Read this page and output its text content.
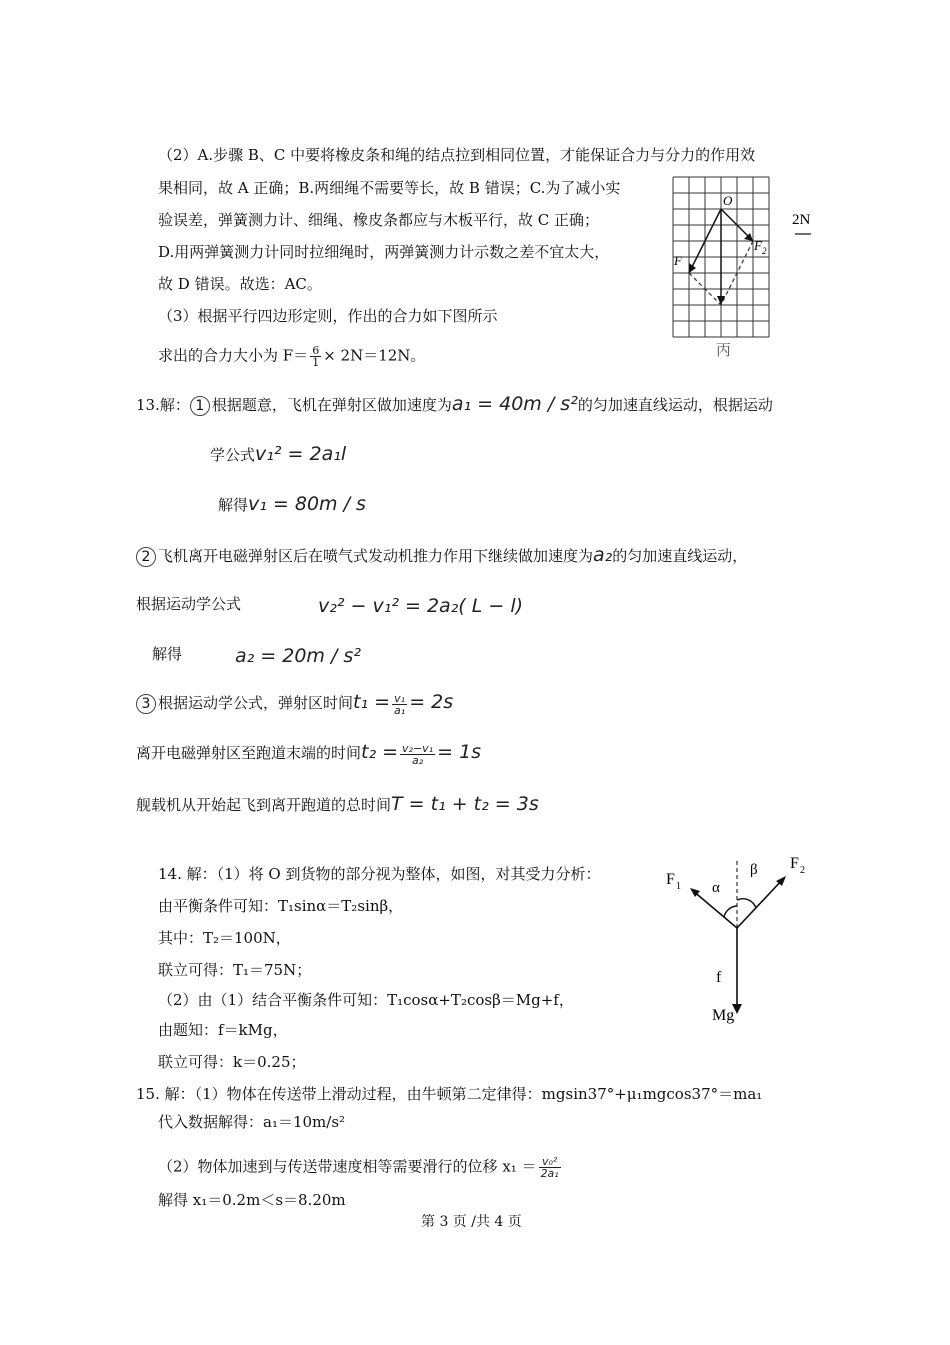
（2）A.步骤 B、C 中要将橡皮条和绳的结点拉到相同位置，才能保证合力与分力的作用效
果相同，故 A 正确；B.两细绳不需要等长，故 B 错误；C.为了减小实
验误差，弹簧测力计、细绳、橡皮条都应与木板平行，故 C 正确；
D.用两弹簧测力计同时拉细绳时，两弹簧测力计示数之差不宜太大，
故 D 错误。故选：AC。
（3）根据平行四边形定则，作出的合力如下图所示
求出的合力大小为 $F= \frac{6}{1} \times 2N=12N$。
O
F
F 2
丙
2N
13.解： 1 根据题意，飞机在弹射区做加速度为a₁ = 40m / s²的匀加速直线运动，根据运动
学公式v₁² = 2a₁l
解得v₁ = 80m / s
2 飞机离开电磁弹射区后在喷气式发动机推力作用下继续做加速度为a₂的匀加速直线运动，
根据运动学公式	v₂² − v₁² = 2a₂( L − l)
解得	a₂ = 20m / s²
3 根据运动学公式，弹射区时间$t_1 = \frac{\text{v₁}}{\text{a₁}} = 2s$
离开电磁弹射区至跑道末端的时间$t_2 = \frac{\text{v₂−v₁}}{\text{a₂}} = 1s$
舰载机从开始起飞到离开跑道的总时间T = t₁ + t₂ = 3s
14. 解：（1）将 O 到货物的部分视为整体，如图，对其受力分析：
由平衡条件可知：T₁sinα＝T₂sinβ，
其中：T₂＝100N，
联立可得：T₁＝75N；
（2）由（1）结合平衡条件可知：T₁cosα+T₂cosβ＝Mg+f，
由题知：f＝kMg，
联立可得：k＝0.25；
F 1
F 2
α
β
f
Mg
15. 解：（1）物体在传送带上滑动过程，由牛顿第二定律得：mgsin37°+μ₁mgcos37°＝ma₁
代入数据解得：a₁＝10m/s²
（2）物体加速到与传送带速度相等需要滑行的位移 $x_1 = \frac{\text{v₀²}}{\text{2a₁}}$
解得 x₁＝0.2m＜s＝8.20m
第 3 页 /共 4 页
